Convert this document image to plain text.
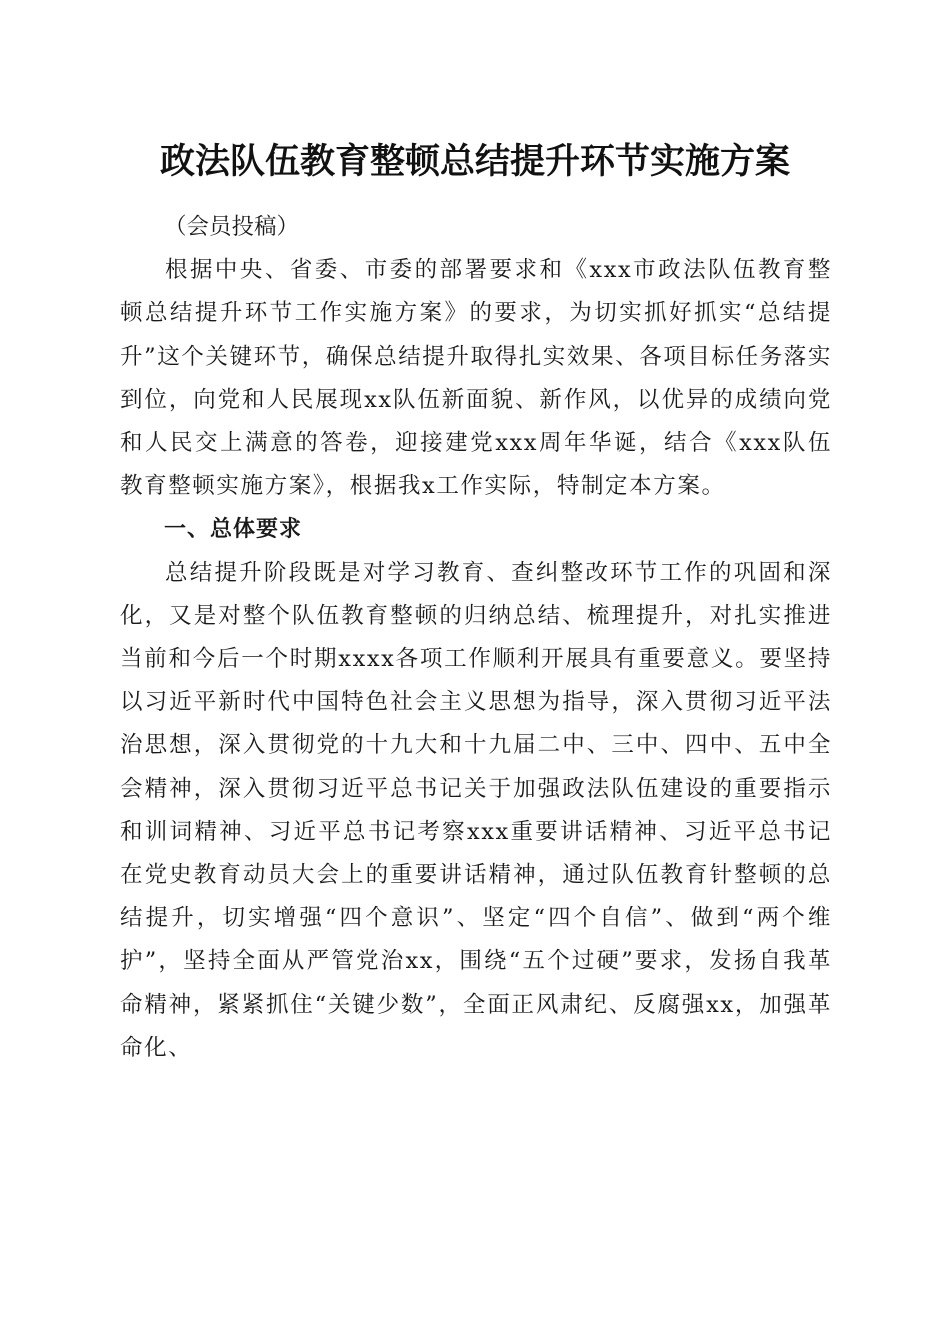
政法队伍教育整顿总结提升环节实施方案

（会员投稿）

根据中央、省委、市委的部署要求和《xxx市政法队伍教育整顿总结提升环节工作实施方案》的要求，为切实抓好抓实“总结提升”这个关键环节，确保总结提升取得扎实效果、各项目标任务落实到位，向党和人民展现xx队伍新面貌、新作风，以优异的成绩向党和人民交上满意的答卷，迎接建党xxx周年华诞，结合《xxx队伍教育整顿实施方案》，根据我x工作实际，特制定本方案。

一、总体要求

总结提升阶段既是对学习教育、查纠整改环节工作的巩固和深化，又是对整个队伍教育整顿的归纳总结、梳理提升，对扎实推进当前和今后一个时期xxxx各项工作顺利开展具有重要意义。要坚持以习近平新时代中国特色社会主义思想为指导，深入贯彻习近平法治思想，深入贯彻党的十九大和十九届二中、三中、四中、五中全会精神，深入贯彻习近平总书记关于加强政法队伍建设的重要指示和训词精神、习近平总书记考察xxx重要讲话精神、习近平总书记在党史教育动员大会上的重要讲话精神，通过队伍教育针整顿的总结提升，切实增强“四个意识”、坚定“四个自信”、做到“两个维护”，坚持全面从严管党治xx，围绕“五个过硬”要求，发扬自我革命精神，紧紧抓住“关键少数”，全面正风肃纪、反腐强xx，加强革命化、
